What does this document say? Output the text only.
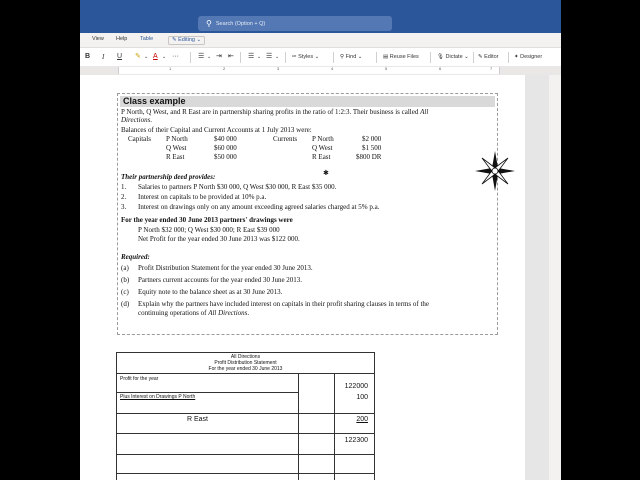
⚲ Search (Option + Q)
View Help Table	✎ Editing ⌄
B I U ✎ ⌄ A ⌄ ···	☰ ⌄ ⇥ ⇤ ☰ ⌄ ☰ ⌄ ✑ Styles ⌄	⚲ Find ⌄	▤ Reuse Files	🎙 Dictate ⌄ ✎ Editor	✦ Designer
1	2	3	4	5	6	7
Class example
P North, Q West, and R East are in partnership sharing profits in the ratio of 1:2:3. Their business is called All
Directions.
Balances of their Capital and Current Accounts at 1 July 2013 were:
Capitals P North	$40 000
Q West	$60 000
R East	$50 000
Currents P North	$2 000
Q West	$1 500
R East	$800 DR
✱
Their partnership deed provides:
1. Salaries to partners P North $30 000, Q West $30 000, R East $35 000.
2. Interest on capitals to be provided at 10% p.a.
3. Interest on drawings only on any amount exceeding agreed salaries charged at 5% p.a.
For the year ended 30 June 2013 partners' drawings were
P North $32 000; Q West $30 000; R East $39 000
Net Profit for the year ended 30 June 2013 was $122 000.
Required:
(a) Profit Distribution Statement for the year ended 30 June 2013.
(b) Partners current accounts for the year ended 30 June 2013.
(c) Equity note to the balance sheet as at 30 June 2013.
(d) Explain why the partners have included interest on capitals in their profit sharing clauses in terms of the
continuing operations of All Directions.
All Directions
Profit Distribution Statement
For the year ended 30 June 2013
Profit for the year
122000
Plus Interest on Drawings P North	100
R East	200
122300
